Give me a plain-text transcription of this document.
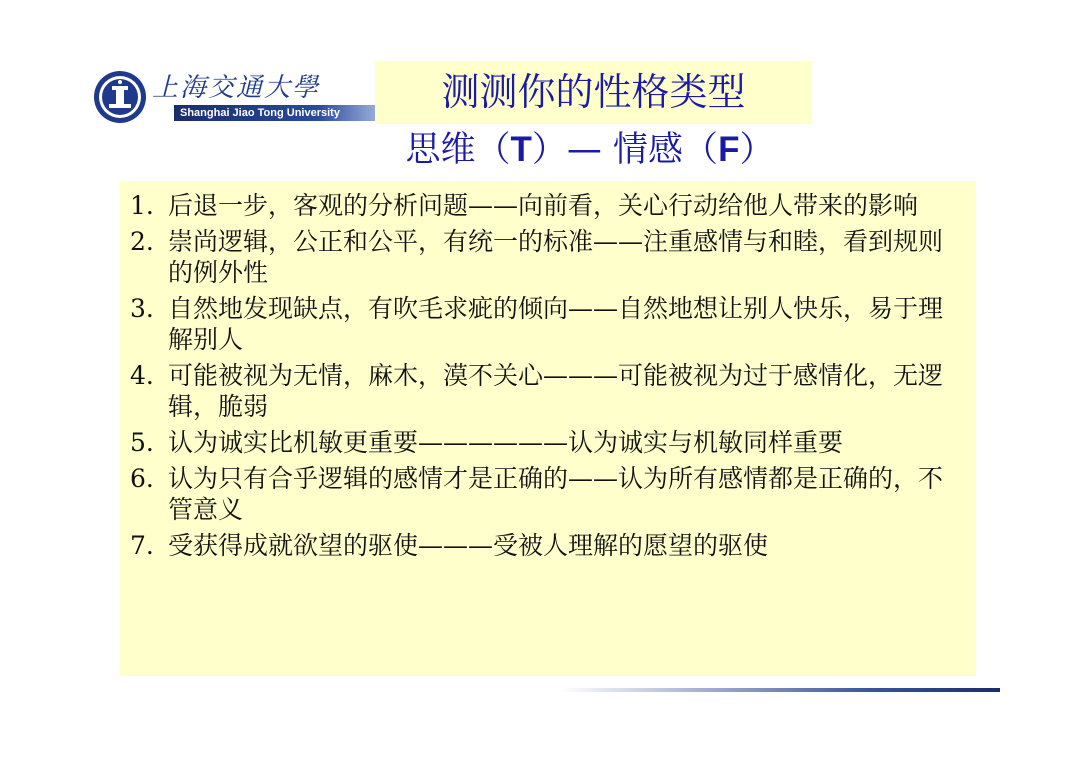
上海交通大學
Shanghai Jiao Tong University	测测你的性格类型
思维（T）— 情感（F）
1. 后退一步，客观的分析问题——向前看，关心行动给他人带来的影响
2. 崇尚逻辑，公正和公平，有统一的标准——注重感情与和睦，看到规则的例外性
3. 自然地发现缺点，有吹毛求疵的倾向——自然地想让别人快乐，易于理解别人
4. 可能被视为无情，麻木，漠不关心———可能被视为过于感情化，无逻辑，脆弱
5. 认为诚实比机敏更重要——————认为诚实与机敏同样重要
6. 认为只有合乎逻辑的感情才是正确的——认为所有感情都是正确的，不管意义
7. 受获得成就欲望的驱使———受被人理解的愿望的驱使
